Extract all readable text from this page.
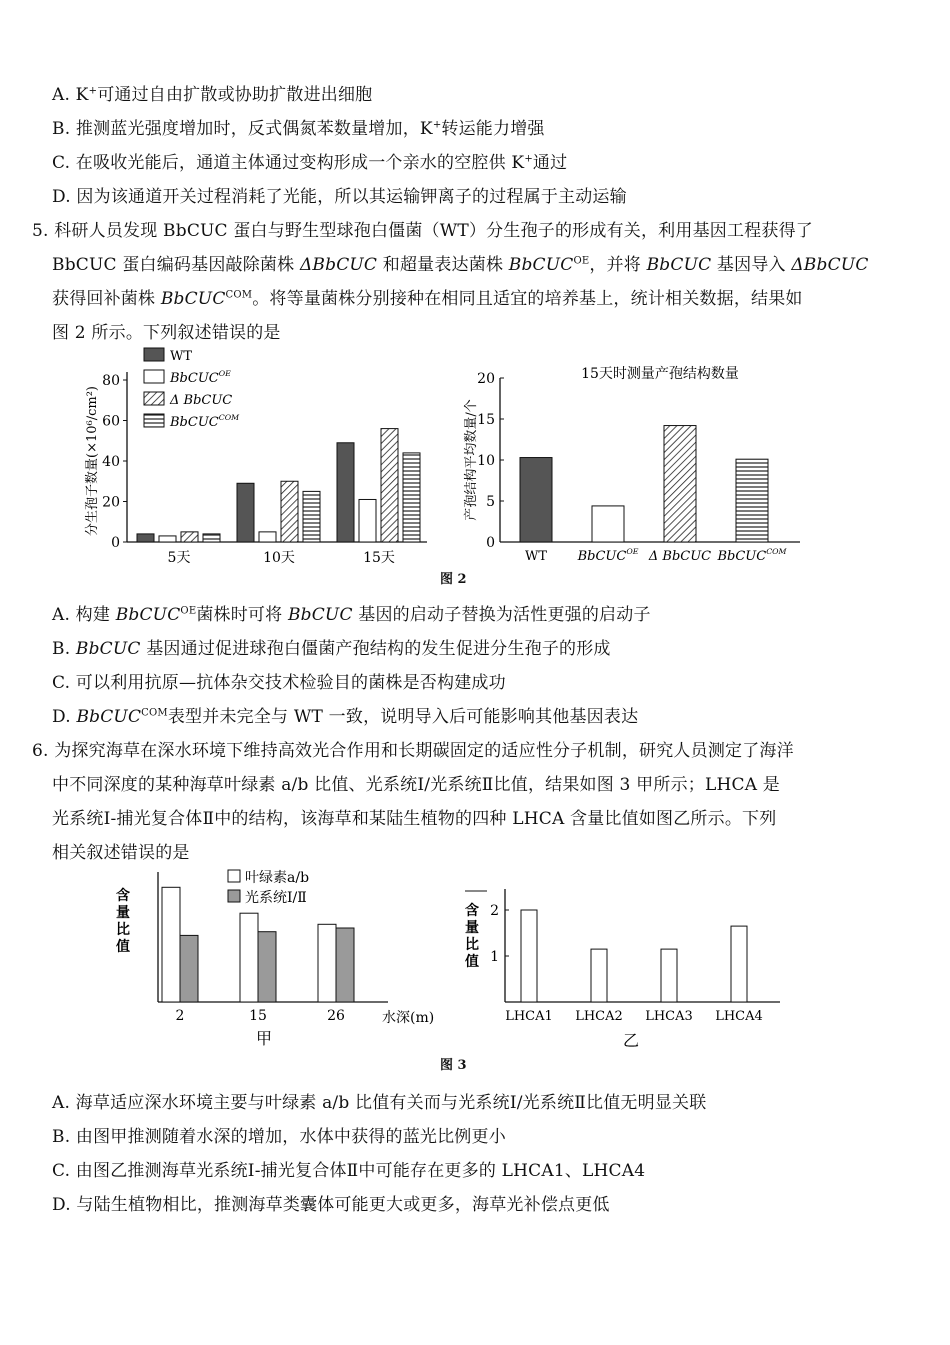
A. K+可通过自由扩散或协助扩散进出细胞
B. 推测蓝光强度增加时，反式偶氮苯数量增加，K+转运能力增强
C. 在吸收光能后，通道主体通过变构形成一个亲水的空腔供 K+通过
D. 因为该通道开关过程消耗了光能，所以其运输钾离子的过程属于主动运输
5. 科研人员发现 BbCUC 蛋白与野生型球孢白僵菌（WT）分生孢子的形成有关，利用基因工程获得了
BbCUC 蛋白编码基因敲除菌株 ΔBbCUC 和超量表达菌株 BbCUC$^{OE}$，并将 BbCUC 基因导入 ΔBbCUC
获得回补菌株 BbCUC$^{COM}$。将等量菌株分别接种在相同且适宜的培养基上，统计相关数据，结果如
图 2 所示。下列叙述错误的是
0
20
40
60
80
分生孢子数量(×10⁶/cm²)
5天	10天	15天
WT
BbCUC$^{OE}$
Δ BbCUC
BbCUC$^{COM}$
0
5
10
15
20
产孢结构平均数量/个
15天时测量产孢结构数量
WT BbCUC$^{OE}$ Δ BbCUC BbCUC$^{COM}$
图 2
A. 构建 BbCUC$^{OE}$菌株时可将 BbCUC 基因的启动子替换为活性更强的启动子
B. BbCUC 基因通过促进球孢白僵菌产孢结构的发生促进分生孢子的形成
C. 可以利用抗原—抗体杂交技术检验目的菌株是否构建成功
D. BbCUC$^{COM}$表型并未完全与 WT 一致，说明导入后可能影响其他基因表达
6. 为探究海草在深水环境下维持高效光合作用和长期碳固定的适应性分子机制，研究人员测定了海洋
中不同深度的某种海草叶绿素 a/b 比值、光系统Ⅰ/光系统Ⅱ比值，结果如图 3 甲所示；LHCA 是
光系统Ⅰ-捕光复合体Ⅱ中的结构，该海草和某陆生植物的四种 LHCA 含量比值如图乙所示。下列
相关叙述错误的是
含
量
比
值
2	15	26	水深(m)
甲
叶绿素a/b
光系统Ⅰ/Ⅱ
含
量
比
值 1
2
LHCA1 LHCA2 LHCA3 LHCA4
乙
图 3
A. 海草适应深水环境主要与叶绿素 a/b 比值有关而与光系统Ⅰ/光系统Ⅱ比值无明显关联
B. 由图甲推测随着水深的增加，水体中获得的蓝光比例更小
C. 由图乙推测海草光系统Ⅰ-捕光复合体Ⅱ中可能存在更多的 LHCA1、LHCA4
D. 与陆生植物相比，推测海草类囊体可能更大或更多，海草光补偿点更低
